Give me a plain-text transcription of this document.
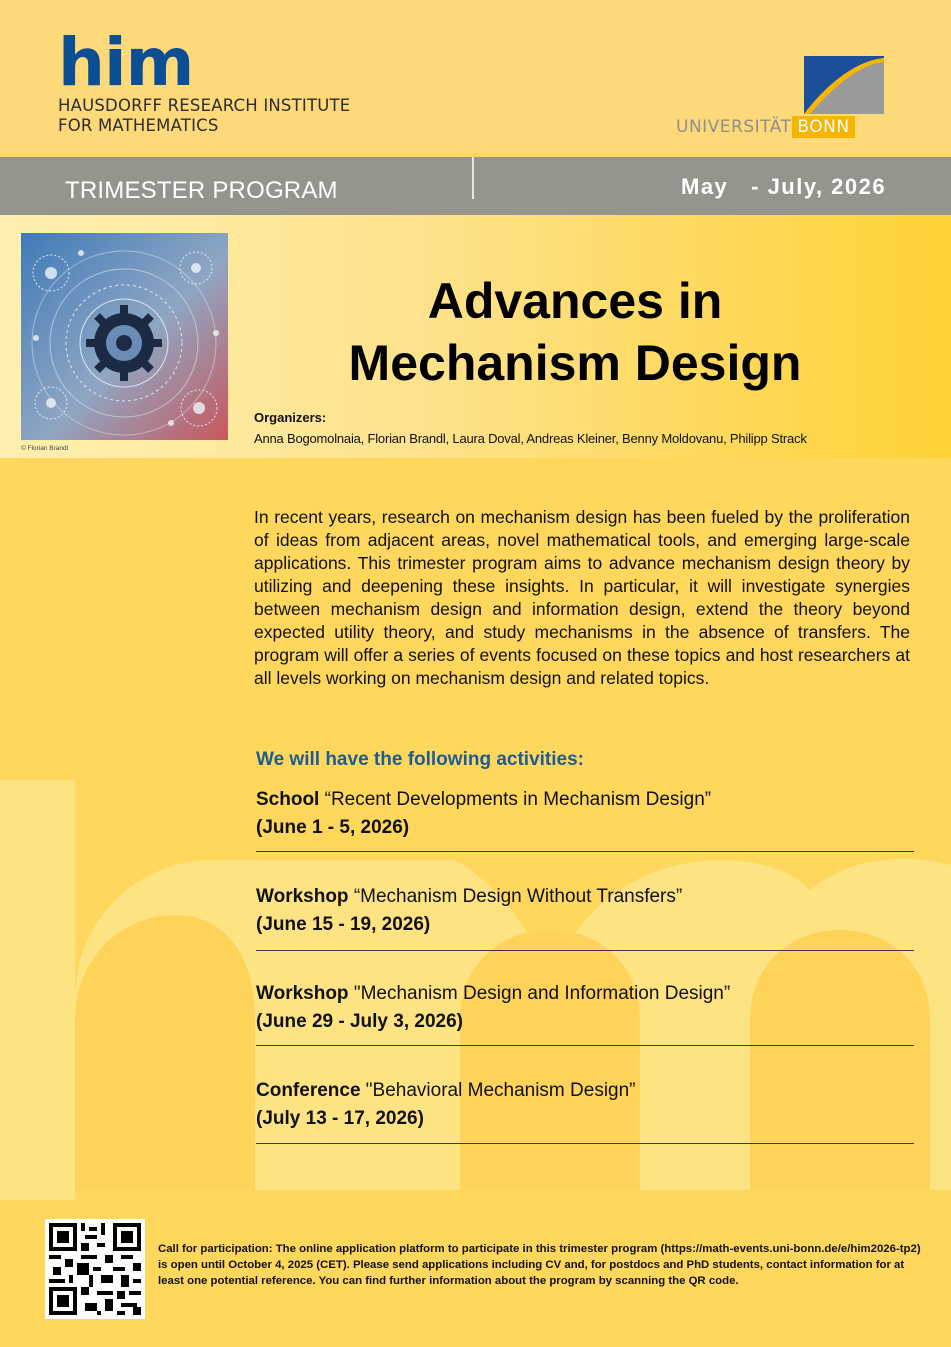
him
HAUSDORFF RESEARCH INSTITUTE
FOR MATHEMATICS	UNIVERSITÄT BONN
TRIMESTER PROGRAM	May   - July, 2026
© Florian Brandl
Advances in
Mechanism Design
Organizers:
Anna Bogomolnaia, Florian Brandl, Laura Doval, Andreas Kleiner, Benny Moldovanu, Philipp Strack

In recent years, research on mechanism design has been fueled by the proliferation of ideas from adjacent areas, novel mathematical tools, and emerging large-scale applications. This trimester program aims to advance mechanism design theory by utilizing and deepening these insights. In particular, it will investigate synergies between mechanism design and information design, extend the theory beyond expected utility theory, and study mechanisms in the absence of transfers. The program will offer a series of events focused on these topics and host researchers at all levels working on mechanism design and related topics.

We will have the following activities:
School “Recent Developments in Mechanism Design”
(June 1 - 5, 2026)
Workshop “Mechanism Design Without Transfers”
(June 15 - 19, 2026)
Workshop "Mechanism Design and Information Design”
(June 29 - July 3, 2026)
Conference "Behavioral Mechanism Design”
(July 13 - 17, 2026)

Call for participation: The online application platform to participate in this trimester program (https://math-events.uni-bonn.de/e/him2026-tp2) is open until October 4, 2025 (CET). Please send applications including CV and, for postdocs and PhD students, contact information for at least one potential reference. You can find further information about the program by scanning the QR code.
